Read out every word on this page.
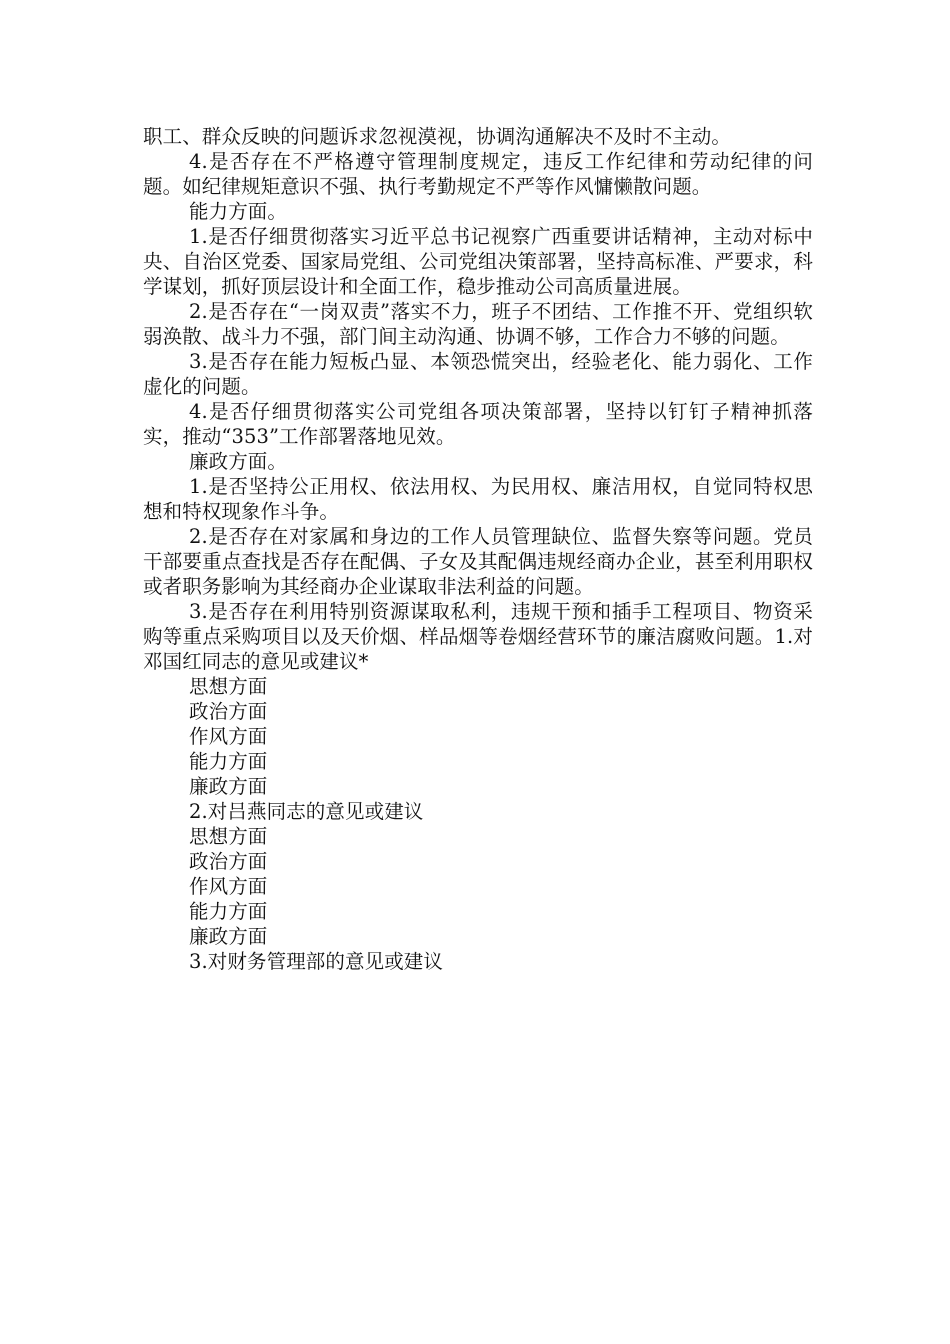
职工、群众反映的问题诉求忽视漠视，协调沟通解决不及时不主动。

4.是否存在不严格遵守管理制度规定，违反工作纪律和劳动纪律的问题。如纪律规矩意识不强、执行考勤规定不严等作风慵懒散问题。

能力方面。

1.是否仔细贯彻落实习近平总书记视察广西重要讲话精神，主动对标中央、自治区党委、国家局党组、公司党组决策部署，坚持高标准、严要求，科学谋划，抓好顶层设计和全面工作，稳步推动公司高质量进展。

2.是否存在“一岗双责”落实不力，班子不团结、工作推不开、党组织软弱涣散、战斗力不强，部门间主动沟通、协调不够，工作合力不够的问题。

3.是否存在能力短板凸显、本领恐慌突出，经验老化、能力弱化、工作虚化的问题。

4.是否仔细贯彻落实公司党组各项决策部署，坚持以钉钉子精神抓落实，推动“353”工作部署落地见效。

廉政方面。

1.是否坚持公正用权、依法用权、为民用权、廉洁用权，自觉同特权思想和特权现象作斗争。

2.是否存在对家属和身边的工作人员管理缺位、监督失察等问题。党员干部要重点查找是否存在配偶、子女及其配偶违规经商办企业，甚至利用职权或者职务影响为其经商办企业谋取非法利益的问题。

3.是否存在利用特别资源谋取私利，违规干预和插手工程项目、物资采购等重点采购项目以及天价烟、样品烟等卷烟经营环节的廉洁腐败问题。1.对邓国红同志的意见或建议*

思想方面

政治方面

作风方面

能力方面

廉政方面

2.对吕燕同志的意见或建议

思想方面

政治方面

作风方面

能力方面

廉政方面

3.对财务管理部的意见或建议
